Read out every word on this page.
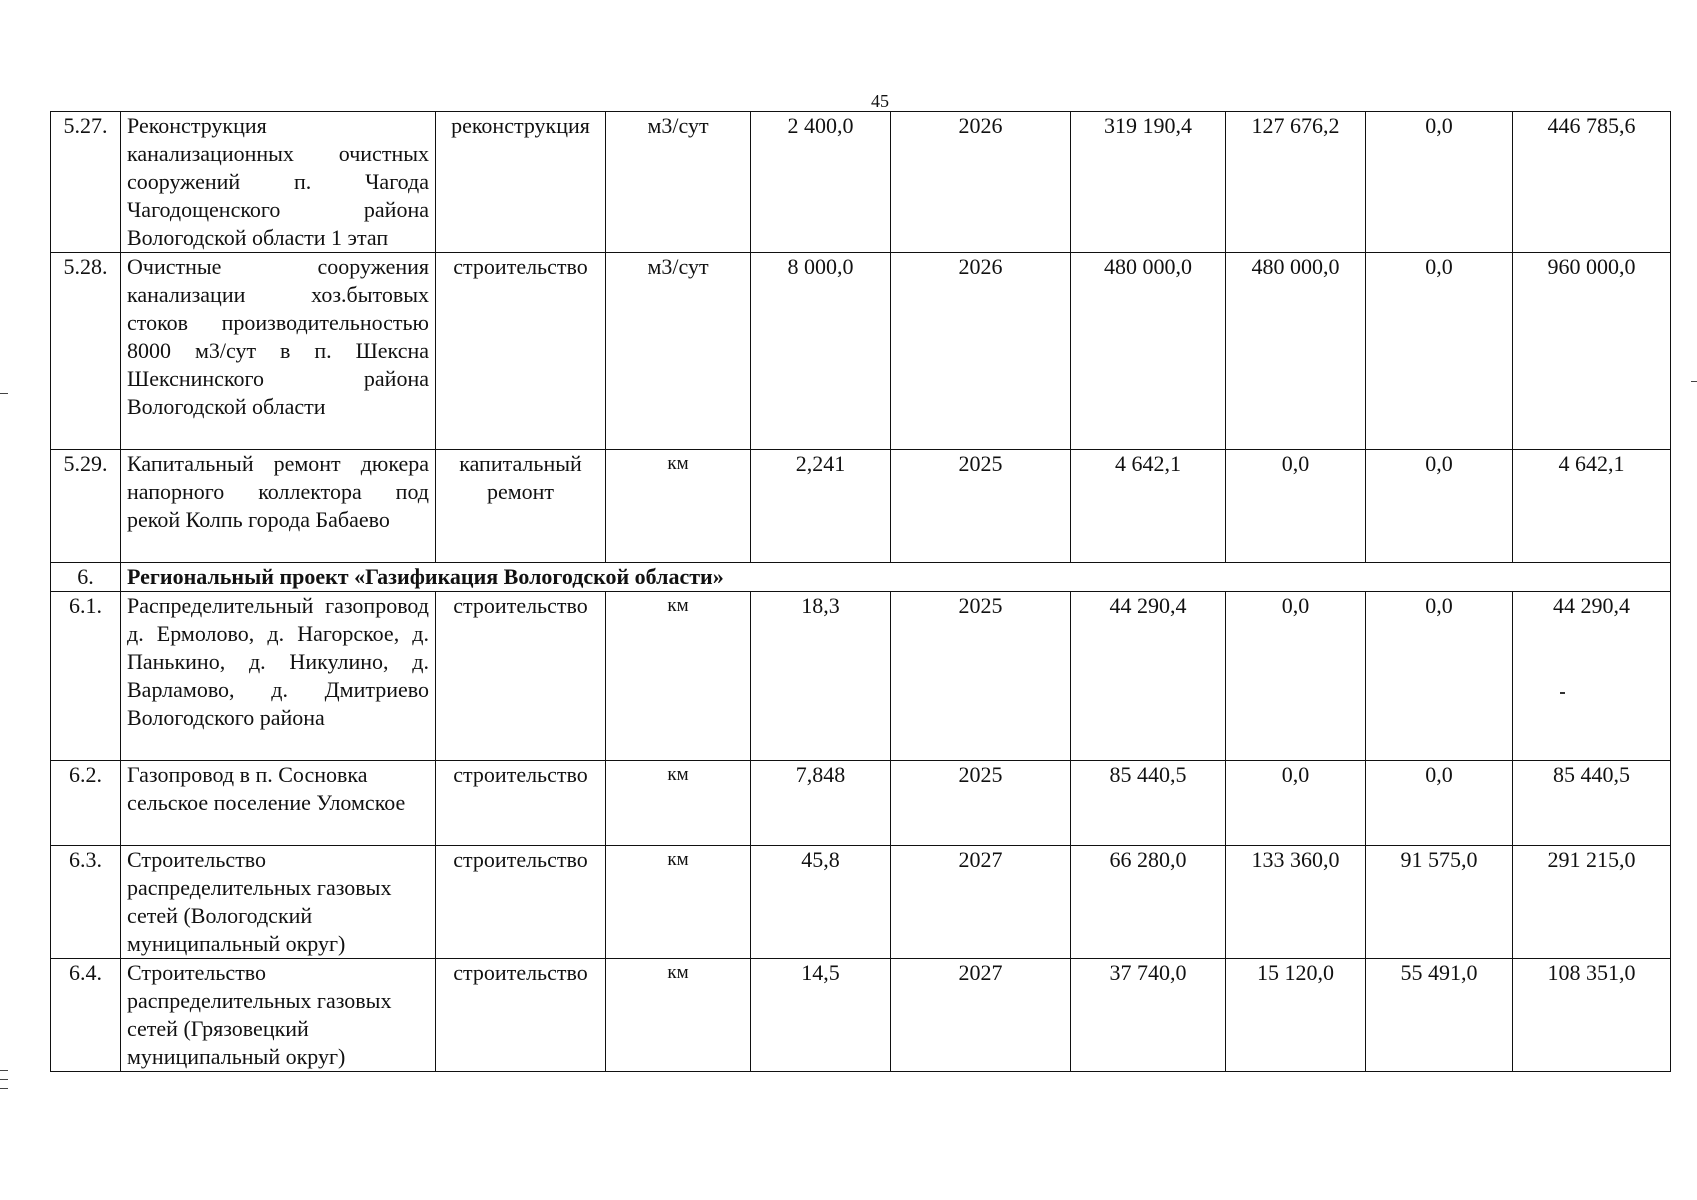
45
5.27.	Реконструкция канализационных очистных сооружений п. Чагода Чагодощенского района Вологодской области 1 этап	реконструкция	м3/сут	2 400,0	2026	319 190,4	127 676,2	0,0	446 785,6
5.28.	Очистные сооружения канализации хоз.бытовых стоков производительностью 8000 м3/сут в п. Шексна Шекснинского района Вологодской области	строительство	м3/сут	8 000,0	2026	480 000,0	480 000,0	0,0	960 000,0
5.29.	Капитальный ремонт дюкера напорного коллектора под рекой Колпь города Бабаево	капитальный ремонт	км	2,241	2025	4 642,1	0,0	0,0	4 642,1
6.	Региональный проект «Газификация Вологодской области»								
6.1.	Распределительный газопровод д. Ермолово, д. Нагорское, д. Панькино, д. Никулино, д. Варламово, д. Дмитриево Вологодского района	строительство	км	18,3	2025	44 290,4	0,0	0,0	44 290,4
6.2.	Газопровод в п. Сосновка сельское поселение Уломское	строительство	км	7,848	2025	85 440,5	0,0	0,0	85 440,5
6.3.	Строительство распределительных газовых сетей (Вологодский муниципальный округ)	строительство	км	45,8	2027	66 280,0	133 360,0	91 575,0	291 215,0
6.4.	Строительство распределительных газовых сетей (Грязовецкий муниципальный округ)	строительство	км	14,5	2027	37 740,0	15 120,0	55 491,0	108 351,0
